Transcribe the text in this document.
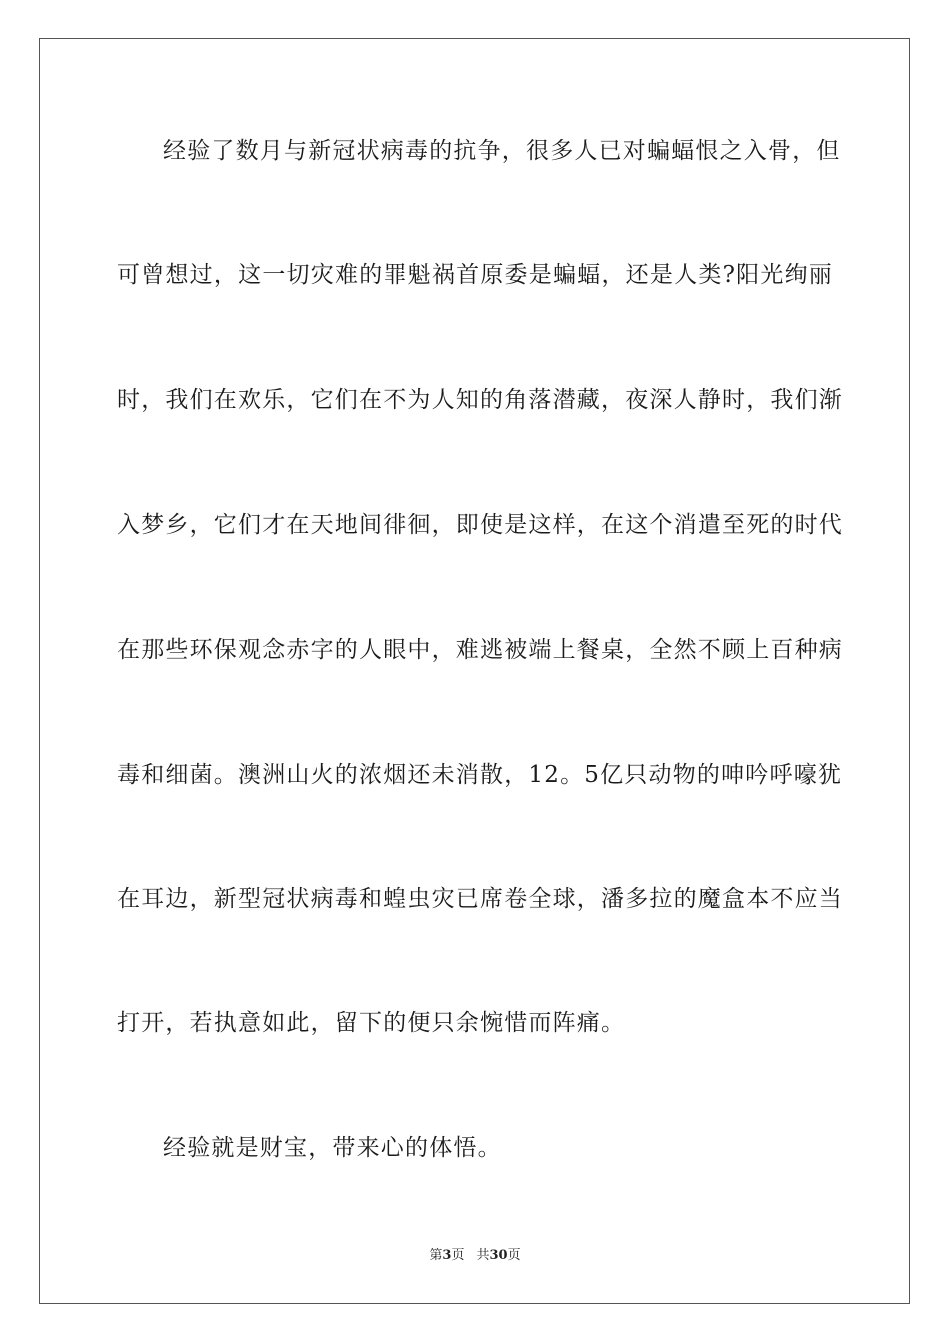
经验了数月与新冠状病毒的抗争，很多人已对蝙蝠恨之入骨，但
可曾想过，这一切灾难的罪魁祸首原委是蝙蝠，还是人类?阳光绚丽
时，我们在欢乐，它们在不为人知的角落潜藏，夜深人静时，我们渐
入梦乡，它们才在天地间徘徊，即使是这样，在这个消遣至死的时代
在那些环保观念赤字的人眼中，难逃被端上餐桌，全然不顾上百种病
毒和细菌。澳洲山火的浓烟还未消散，12。5亿只动物的呻吟呼嚎犹
在耳边，新型冠状病毒和蝗虫灾已席卷全球，潘多拉的魔盒本不应当
打开，若执意如此，留下的便只余惋惜而阵痛。
经验就是财宝，带来心的体悟。
第3页 共30页
